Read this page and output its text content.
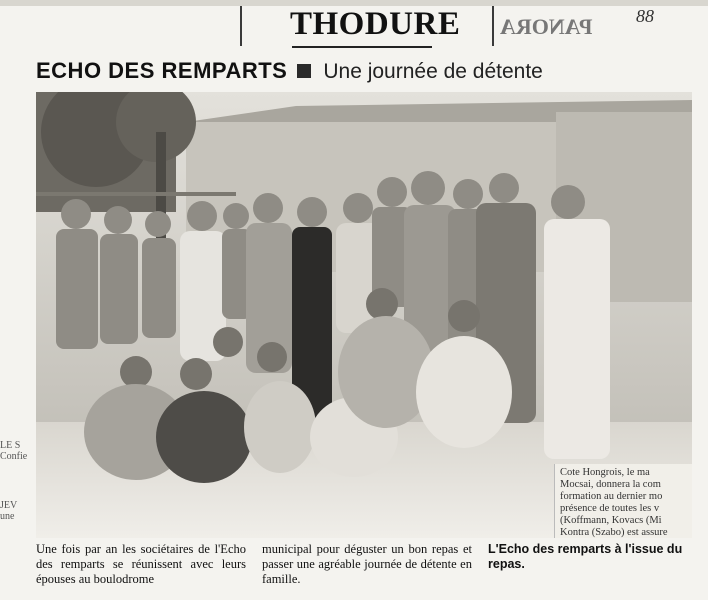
THODURE PANORA 88
ECHO DES REMPARTS Une journée de détente
Cote Hongrois, le ma
Mocsai, donnera la com
formation au dernier mo
présence de toutes les v
(Koffmann, Kovacs (Mi
Kontra (Szabo) est assure
LE S
Confie
JEV
une
Une fois par an les sociétaires de l'Echo des remparts se réunissent avec leurs épouses au boulodrome
municipal pour déguster un bon repas et passer une agréable journée de détente en famille.
L'Echo des remparts à l'issue du repas.
